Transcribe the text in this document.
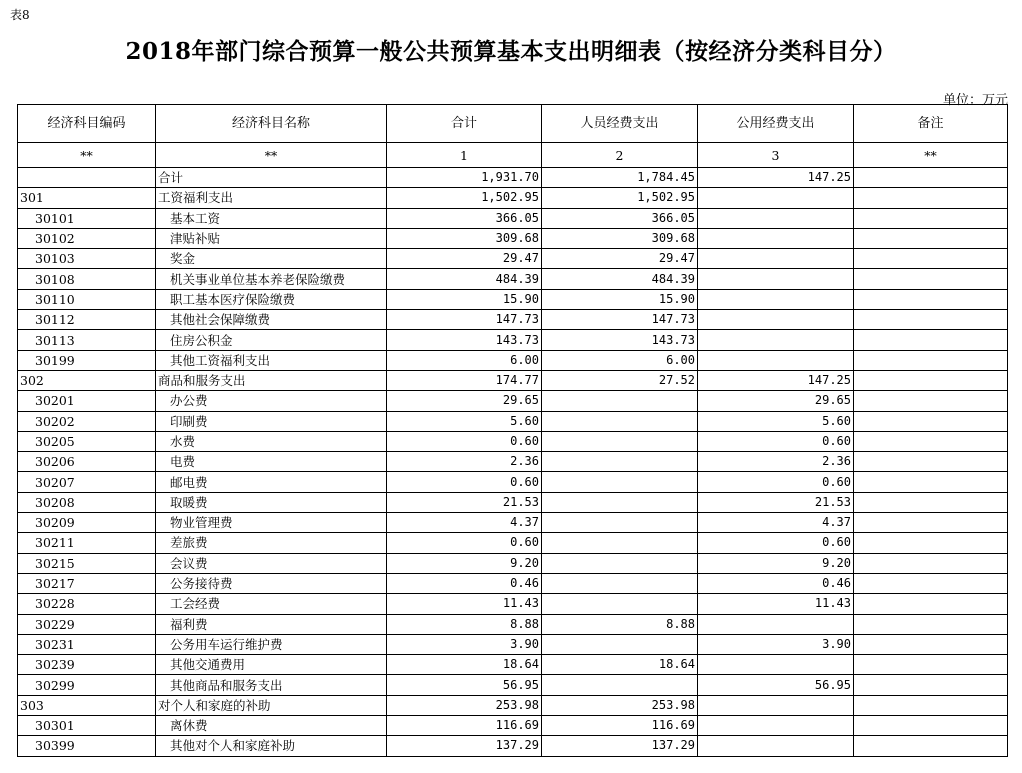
表8
2018年部门综合预算一般公共预算基本支出明细表（按经济分类科目分）
单位：万元
经济科目编码	经济科目名称	合计	人员经费支出	公用经费支出	备注
**	**	1	2	3	**
	合计	1,931.70	1,784.45	147.25	
301	工资福利支出	1,502.95	1,502.95		
30101	基本工资	366.05	366.05		
30102	津贴补贴	309.68	309.68		
30103	奖金	29.47	29.47		
30108	机关事业单位基本养老保险缴费	484.39	484.39		
30110	职工基本医疗保险缴费	15.90	15.90		
30112	其他社会保障缴费	147.73	147.73		
30113	住房公积金	143.73	143.73		
30199	其他工资福利支出	6.00	6.00		
302	商品和服务支出	174.77	27.52	147.25	
30201	办公费	29.65		29.65	
30202	印刷费	5.60		5.60	
30205	水费	0.60		0.60	
30206	电费	2.36		2.36	
30207	邮电费	0.60		0.60	
30208	取暖费	21.53		21.53	
30209	物业管理费	4.37		4.37	
30211	差旅费	0.60		0.60	
30215	会议费	9.20		9.20	
30217	公务接待费	0.46		0.46	
30228	工会经费	11.43		11.43	
30229	福利费	8.88	8.88		
30231	公务用车运行维护费	3.90		3.90	
30239	其他交通费用	18.64	18.64		
30299	其他商品和服务支出	56.95		56.95	
303	对个人和家庭的补助	253.98	253.98		
30301	离休费	116.69	116.69		
30399	其他对个人和家庭补助	137.29	137.29		
